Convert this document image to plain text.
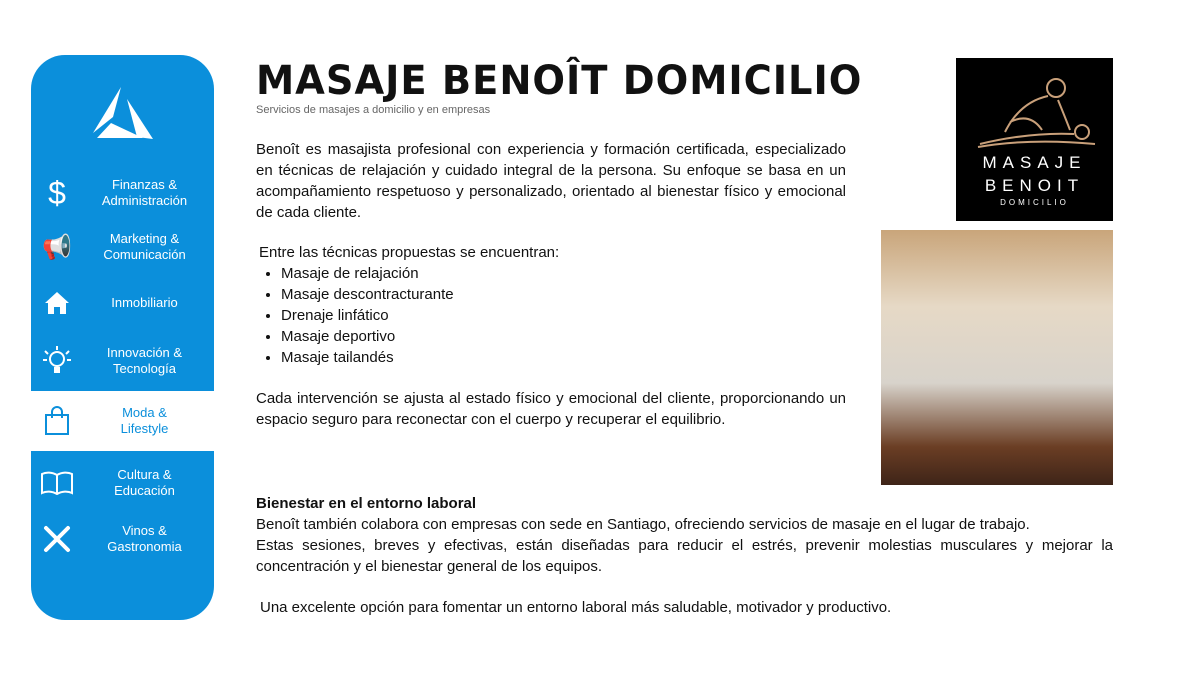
$	Finanzas &
Administración
📢	Marketing &
Comunicación
Inmobiliario
Innovación &
Tecnología
Moda &
Lifestyle
Cultura &
Educación
Vinos &
Gastronomia
MASAJE BENOÎT DOMICILIO
Servicios de masajes a domicilio y en empresas
MASAJE
BENOIT
DOMICILIO
Benoît es masajista profesional con experiencia y formación certificada, especializado en técnicas de relajación y cuidado integral de la persona. Su enfoque se basa en un acompañamiento respetuoso y personalizado, orientado al bienestar físico y emocional de cada cliente.
Entre las técnicas propuestas se encuentran:
• Masaje de relajación
• Masaje descontracturante
• Drenaje linfático
• Masaje deportivo
• Masaje tailandés
Cada intervención se ajusta al estado físico y emocional del cliente, proporcionando un espacio seguro para reconectar con el cuerpo y recuperar el equilibrio.
Bienestar en el entorno laboral
Benoît también colabora con empresas con sede en Santiago, ofreciendo servicios de masaje en el lugar de trabajo.
Estas sesiones, breves y efectivas, están diseñadas para reducir el estrés, prevenir molestias musculares y mejorar la concentración y el bienestar general de los equipos.
Una excelente opción para fomentar un entorno laboral más saludable, motivador y productivo.
